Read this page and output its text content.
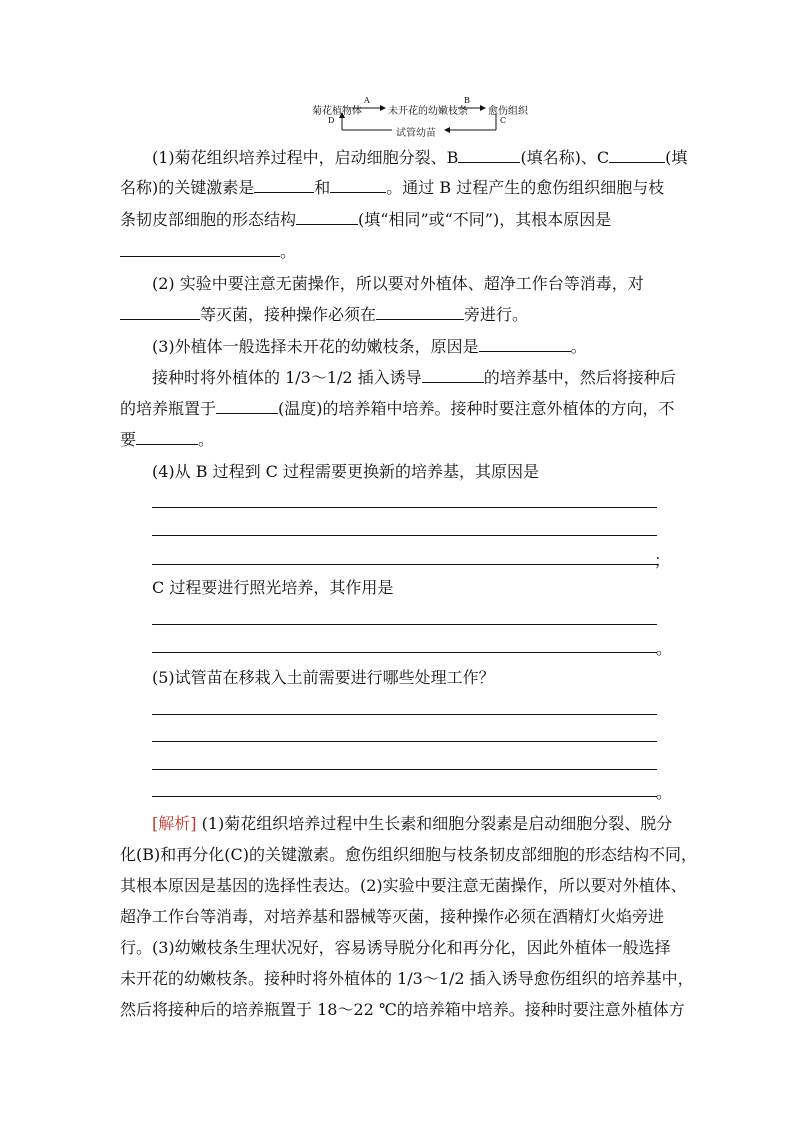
菊花植物体
A
未开花的幼嫩枝条
B
愈伤组织
C
D
试管幼苗
(1)菊花组织培养过程中，启动细胞分裂、B	(填名称)、C	(填
名称)的关键激素是	和	。通过 B 过程产生的愈伤组织细胞与枝
条韧皮部细胞的形态结构	(填“相同”或“不同”)，其根本原因是
。
(2) 实验中要注意无菌操作，所以要对外植体、超净工作台等消毒，对
等灭菌，接种操作必须在	旁进行。
(3)外植体一般选择未开花的幼嫩枝条，原因是	。
接种时将外植体的 1/3～1/2 插入诱导	的培养基中，然后将接种后
的培养瓶置于	(温度)的培养箱中培养。接种时要注意外植体的方向，不
要	。
(4)从 B 过程到 C 过程需要更换新的培养基，其原因是
；
C 过程要进行照光培养，其作用是
。
(5)试管苗在移栽入土前需要进行哪些处理工作？
。
[解析] (1)菊花组织培养过程中生长素和细胞分裂素是启动细胞分裂、脱分
化(B)和再分化(C)的关键激素。愈伤组织细胞与枝条韧皮部细胞的形态结构不同，
其根本原因是基因的选择性表达。(2)实验中要注意无菌操作，所以要对外植体、
超净工作台等消毒，对培养基和器械等灭菌，接种操作必须在酒精灯火焰旁进
行。(3)幼嫩枝条生理状况好，容易诱导脱分化和再分化，因此外植体一般选择
未开花的幼嫩枝条。接种时将外植体的 1/3～1/2 插入诱导愈伤组织的培养基中，
然后将接种后的培养瓶置于 18～22 ℃的培养箱中培养。接种时要注意外植体方
